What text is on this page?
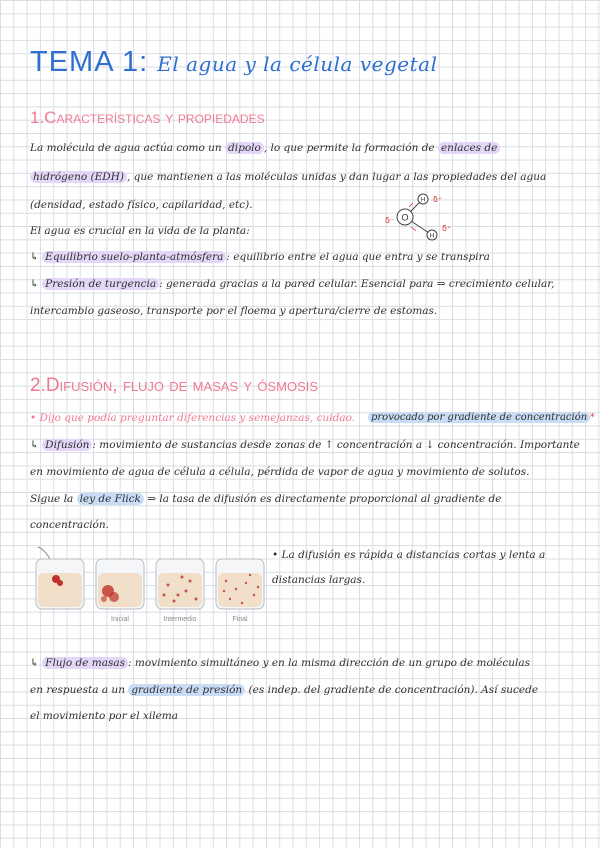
TEMA 1: El agua y la célula vegetal
1.Características y propiedades
La molécula de agua actúa como un dipolo , lo que permite la formación de enlaces de
hidrógeno (EDH) , que mantienen a las moléculas unidas y dan lugar a las propiedades del agua
(densidad, estado físico, capilaridad, etc).
El agua es crucial en la vida de la planta:
↳ Equilibrio suelo-planta-atmósfera : equilibrio entre el agua que entra y se transpira
↳ Presión de turgencia : generada gracias a la pared celular. Esencial para ⇒ crecimiento celular,
intercambio gaseoso, transporte por el floema y apertura/cierre de estomas.
O
H
H
δ⁻
δ⁺
δ⁺
2.Difusión, flujo de masas y ósmosis
• Dijo que podía preguntar diferencias y semejanzas, cuidao.	provocado por gradiente de concentración *
↳ Difusión : movimiento de sustancias desde zonas de ↑ concentración a ↓ concentración. Importante
en movimiento de agua de célula a célula, pérdida de vapor de agua y movimiento de solutos.
Sigue la ley de Flick ⇒ la tasa de difusión es directamente proporcional al gradiente de
concentración.
Inicial	Intermedio	Final
• La difusión es rápida a distancias cortas y lenta a
distancias largas.
↳ Flujo de masas : movimiento simultáneo y en la misma dirección de un grupo de moléculas
en respuesta a un gradiente de presión (es indep. del gradiente de concentración). Así sucede
el movimiento por el xilema
